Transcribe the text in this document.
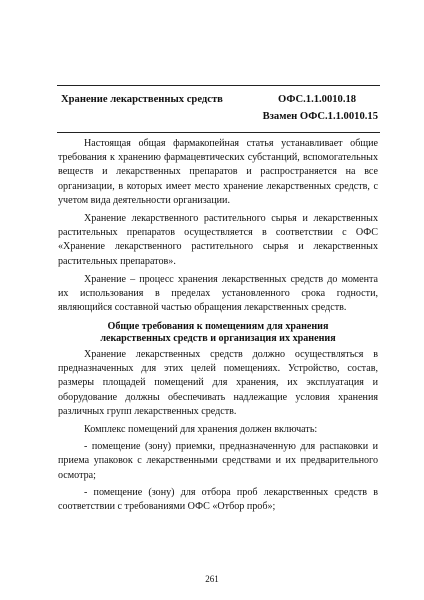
Хранение лекарственных средств	ОФС.1.1.0010.18
Взамен ОФС.1.1.0010.15

Настоящая общая фармакопейная статья устанавливает общие требования к хранению фармацевтических субстанций, вспомогательных веществ и лекарственных препаратов и распространяется на все организации, в которых имеет место хранение лекарственных средств, с учетом вида деятельности организации.

Хранение лекарственного растительного сырья и лекарственных растительных препаратов осуществляется в соответствии с ОФС «Хранение лекарственного растительного сырья и лекарственных растительных препаратов».

Хранение – процесс хранения лекарственных средств до момента их использования в пределах установленного срока годности, являющийся составной частью обращения лекарственных средств.

Общие требования к помещениям для хранения
лекарственных средств и организация их хранения

Хранение лекарственных средств должно осуществляться в предназначенных для этих целей помещениях. Устройство, состав, размеры площадей помещений для хранения, их эксплуатация и оборудование должны обеспечивать надлежащие условия хранения различных групп лекарственных средств.

Комплекс помещений для хранения должен включать:

- помещение (зону) приемки, предназначенную для распаковки и приема упаковок с лекарственными средствами и их предварительного осмотра;

- помещение (зону) для отбора проб лекарственных средств в соответствии с требованиями ОФС «Отбор проб»;

261
